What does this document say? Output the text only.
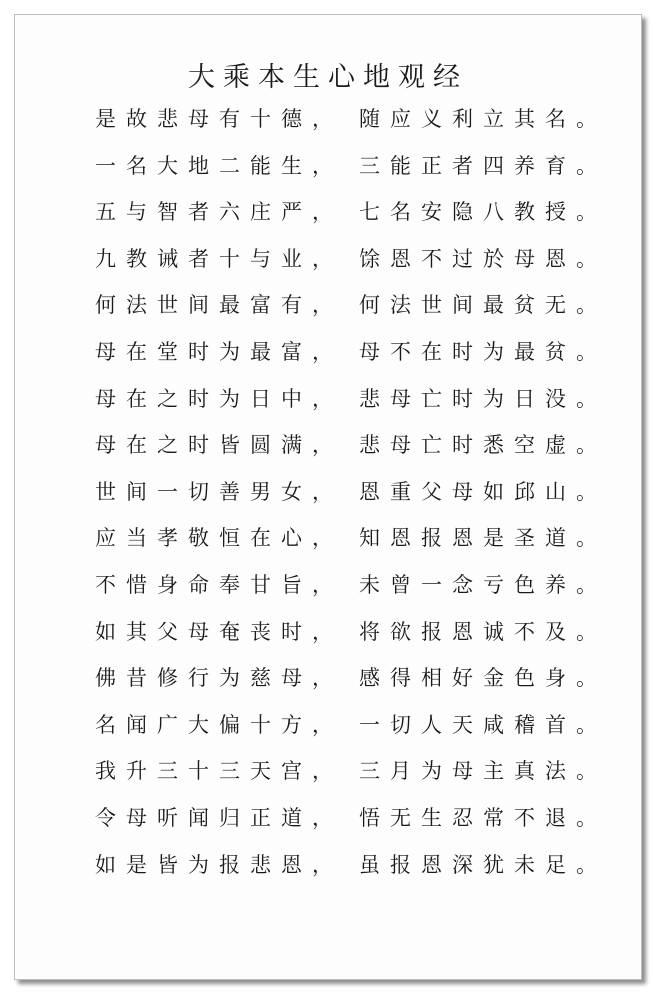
大乘本生心地观经
是故悲母有十德， 随应义利立其名。
一名大地二能生， 三能正者四养育。
五与智者六庄严， 七名安隐八教授。
九教诫者十与业， 馀恩不过於母恩。
何法世间最富有， 何法世间最贫无。
母在堂时为最富， 母不在时为最贫。
母在之时为日中， 悲母亡时为日没。
母在之时皆圆满， 悲母亡时悉空虚。
世间一切善男女， 恩重父母如邱山。
应当孝敬恒在心， 知恩报恩是圣道。
不惜身命奉甘旨， 未曾一念亏色养。
如其父母奄丧时， 将欲报恩诚不及。
佛昔修行为慈母， 感得相好金色身。
名闻广大偏十方， 一切人天咸稽首。
我升三十三天宫， 三月为母主真法。
令母听闻归正道， 悟无生忍常不退。
如是皆为报悲恩， 虽报恩深犹未足。
